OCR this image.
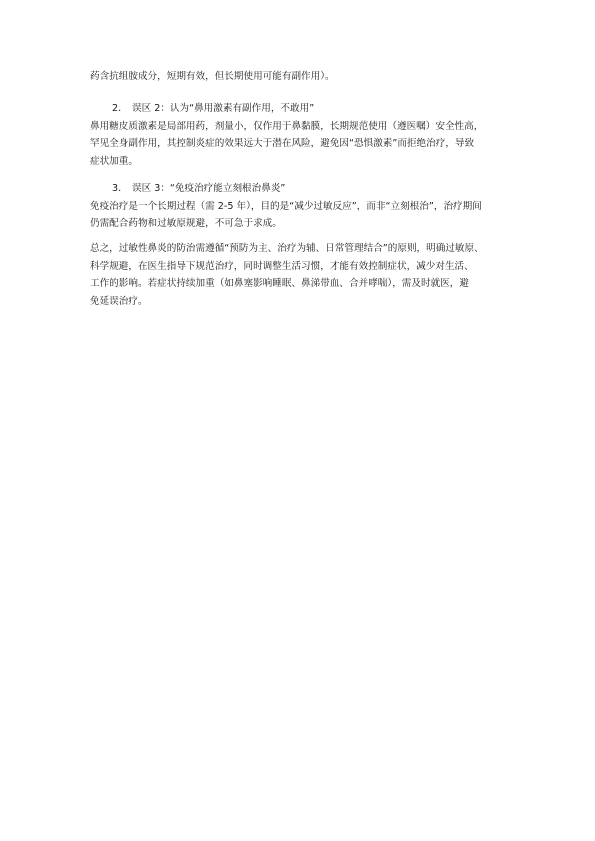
药含抗组胺成分，短期有效，但长期使用可能有副作用）。
2. 误区 2：认为“鼻用激素有副作用，不敢用”
鼻用糖皮质激素是局部用药，剂量小，仅作用于鼻黏膜，长期规范使用（遵医嘱）安全性高，
罕见全身副作用，其控制炎症的效果远大于潜在风险，避免因“恐惧激素”而拒绝治疗，导致
症状加重。
3. 误区 3：“免疫治疗能立刻根治鼻炎”
免疫治疗是一个长期过程（需 2-5 年），目的是“减少过敏反应”，而非“立刻根治”，治疗期间
仍需配合药物和过敏原规避，不可急于求成。
总之，过敏性鼻炎的防治需遵循“预防为主、治疗为辅、日常管理结合”的原则，明确过敏原、
科学规避，在医生指导下规范治疗，同时调整生活习惯，才能有效控制症状，减少对生活、
工作的影响。若症状持续加重（如鼻塞影响睡眠、鼻涕带血、合并哮喘），需及时就医，避
免延误治疗。
